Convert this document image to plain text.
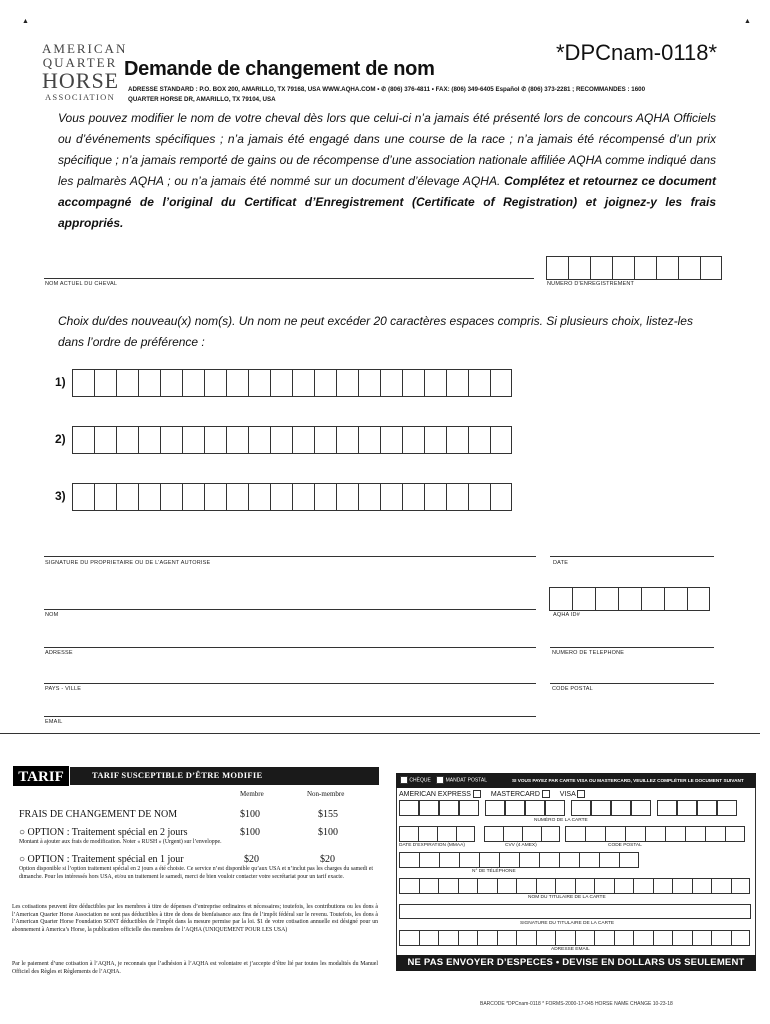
▲	▲
AMERICAN
QUARTER
HORSE
ASSOCIATION
Demande de changement de nom
*DPCnam-0118*
ADRESSE STANDARD : P.O. BOX 200, AMARILLO, TX 79168, USA WWW.AQHA.COM • ✆ (806) 376-4811 • FAX: (806) 349-6405 Español ✆ (806) 373-2281 ; RECOMMANDES : 1600
QUARTER HORSE DR, AMARILLO, TX 79104, USA
Vous pouvez modifier le nom de votre cheval dès lors que celui-ci n’a jamais été présenté lors de concours AQHA Officiels ou d’événements spécifiques ; n’a jamais été engagé dans une course de la race ; n’a jamais été récompensé d’un prix spécifique ; n’a jamais remporté de gains ou de récompense d’une association nationale affiliée AQHA comme indiqué dans les palmarès AQHA ; ou n’a jamais été nommé sur un document d’élevage AQHA. Complétez et retournez ce document accompagné de l’original du Certificat d’Enregistrement (Certificate of Registration) et joignez-y les frais appropriés.
NOM ACTUEL DU CHEVAL	NUMERO D’ENREGISTREMENT
Choix du/des nouveau(x) nom(s). Un nom ne peut excéder 20 caractères espaces compris. Si plusieurs choix, listez-les dans l’ordre de préférence :
1)
2)
3)
SIGNATURE DU PROPRIETAIRE OU DE L’AGENT AUTORISE	DATE
NOM	AQHA ID#
ADRESSE	NUMERO DE TELEPHONE
PAYS - VILLE	CODE POSTAL
EMAIL
TARIF	TARIF SUSCEPTIBLE D’ÊTRE MODIFIE
Membre	Non-membre
FRAIS DE CHANGEMENT DE NOM	$100	$155
○ OPTION : Traitement spécial en 2 jours	$100	$100
Montant à ajouter aux frais de modification. Noter « RUSH » (Urgent) sur l’enveloppe.
○ OPTION : Traitement spécial en 1 jour	$20	$20
Option disponible si l’option traitement spécial en 2 jours a été choisie. Ce service n’est disponible qu’aux USA et n’inclut pas les charges du samedi et dimanche. Pour les intéressés hors USA, et/ou un traitement le samedi, merci de bien vouloir contacter votre secrétariat pour un tarif exacte.
Les cotisations peuvent être déductibles par les membres à titre de dépenses d’entreprise ordinaires et nécessaires; toutefois, les contributions ou les dons à l’American Quarter Horse Association ne sont pas déductibles à titre de dons de bienfaisance aux fins de l’impôt fédéral sur le revenu. Toutefois, les dons à l’American Quarter Horse Foundation SONT déductibles de l’impôt dans la mesure permise par la loi. $1 de votre cotisation annuelle est désigné pour un abonnement à America’s Horse, la publication officielle des membres de l’AQHA (UNIQUEMENT POUR LES USA)
Par le paiement d’une cotisation à l’AQHA, je reconnais que l’adhésion à l’AQHA est volontaire et j’accepte d’être lié par toutes les modalités du Manuel Officiel des Règles et Règlements de l’AQHA.
CHÈQUE	MANDAT POSTAL	SI VOUS PAYEZ PAR CARTE VISA OU MASTERCARD, VEUILLEZ COMPLÉTER LE DOCUMENT SUIVANT
AMERICAN EXPRESS	MASTERCARD	VISA
NUMÉRO DE LA CARTE
DATE D’EXPIRATION (MMAA)	CVV (4 AMEX)	CODE POSTAL
N° DE TÉLÉPHONE
NOM DU TITULAIRE DE LA CARTE
SIGNATURE DU TITULAIRE DE LA CARTE
ADRESSE EMAIL
NE PAS ENVOYER D’ESPECES • DEVISE EN DOLLARS US SEULEMENT
BARCODE *DPCnam-0118 * FORMS-2000-17-045 HORSE NAME CHANGE 10-23-18
